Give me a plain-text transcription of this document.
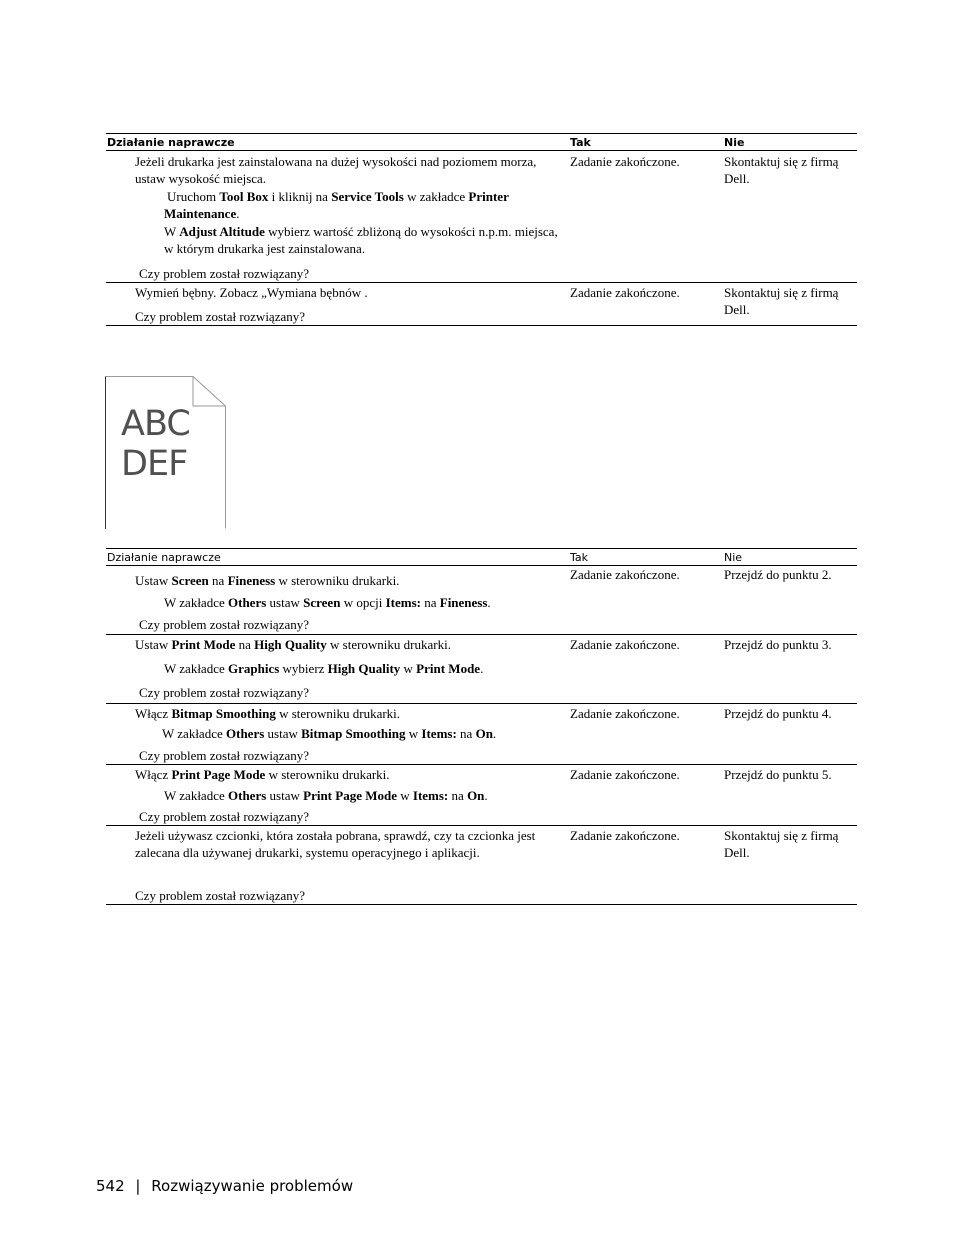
Działanie naprawcze	Tak	Nie
Jeżeli drukarka jest zainstalowana na dużej wysokości nad poziomem morza, ustaw wysokość miejsca.
Uruchom Tool Box i kliknij na Service Tools w zakładce Printer
Maintenance.
W Adjust Altitude wybierz wartość zbliżoną do wysokości n.p.m. miejsca, w którym drukarka jest zainstalowana.
Czy problem został rozwiązany?
Zadanie zakończone.	Skontaktuj się z firmą Dell.
Wymień bębny. Zobacz „Wymiana bębnów .
Czy problem został rozwiązany?
Zadanie zakończone.	Skontaktuj się z firmą Dell.
ABC
DEF
Działanie naprawcze	Tak	Nie
Ustaw Screen na Fineness w sterowniku drukarki.
W zakładce Others ustaw Screen w opcji Items: na Fineness.
Czy problem został rozwiązany?
Zadanie zakończone.	Przejdź do punktu 2.
Ustaw Print Mode na High Quality w sterowniku drukarki.
W zakładce Graphics wybierz High Quality w Print Mode.
Czy problem został rozwiązany?
Zadanie zakończone.	Przejdź do punktu 3.
Włącz Bitmap Smoothing w sterowniku drukarki.
W zakładce Others ustaw Bitmap Smoothing w Items: na On.
Czy problem został rozwiązany?
Zadanie zakończone.	Przejdź do punktu 4.
Włącz Print Page Mode w sterowniku drukarki.
W zakładce Others ustaw Print Page Mode w Items: na On.
Czy problem został rozwiązany?
Zadanie zakończone.	Przejdź do punktu 5.
Jeżeli używasz czcionki, która została pobrana, sprawdź, czy ta czcionka jest zalecana dla używanej drukarki, systemu operacyjnego i aplikacji.
Czy problem został rozwiązany?
Zadanie zakończone.	Skontaktuj się z firmą Dell.
542 | Rozwiązywanie problemów
